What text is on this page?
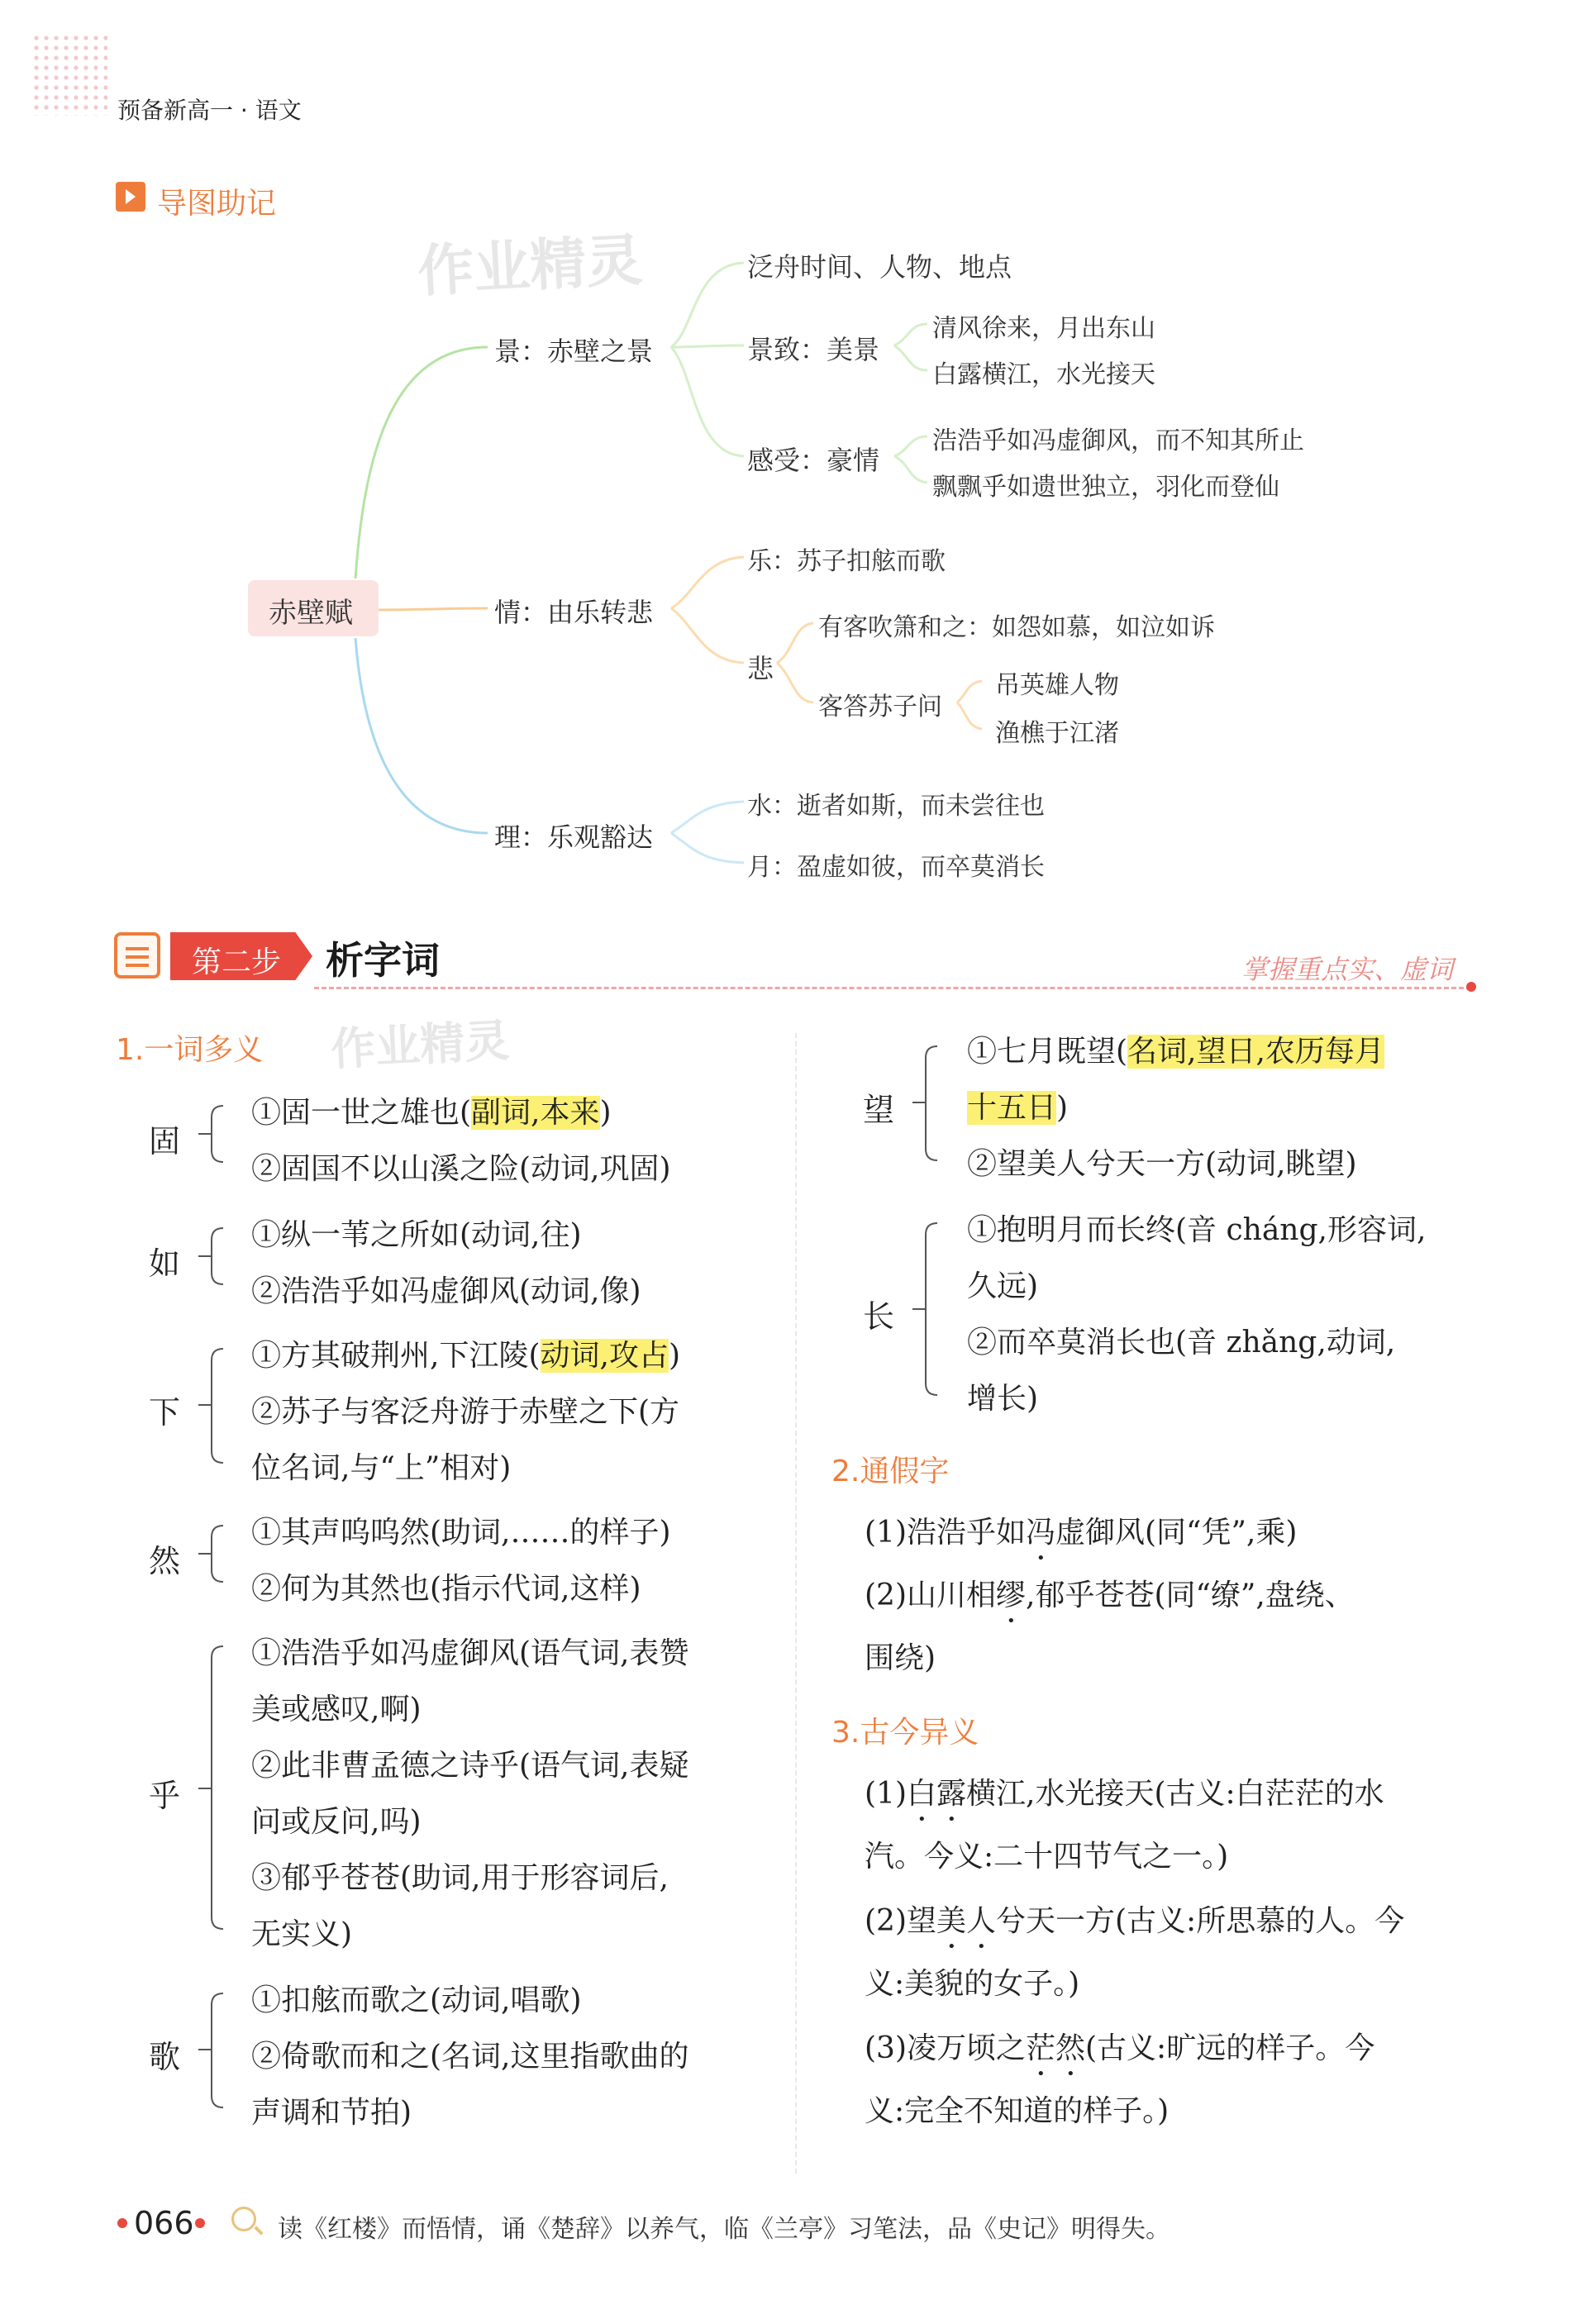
预备新高一 · 语文
导图助记
作业精灵
赤壁赋
景：赤壁之景
情：由乐转悲
理：乐观豁达
泛舟时间、人物、地点
景致：美景
清风徐来，月出东山
白露横江，水光接天
感受：豪情
浩浩乎如冯虚御风，而不知其所止
飘飘乎如遗世独立，羽化而登仙
乐：苏子扣舷而歌
悲
有客吹箫和之：如怨如慕，如泣如诉
客答苏子问
吊英雄人物
渔樵于江渚
水：逝者如斯，而未尝往也
月：盈虚如彼，而卒莫消长
第二步 析字词	掌握重点实、虚词
作业精灵
1.一词多义
固
①固一世之雄也(副词,本来)
②固国不以山溪之险(动词,巩固)
如
①纵一苇之所如(动词,往)
②浩浩乎如冯虚御风(动词,像)
下
①方其破荆州,下江陵(动词,攻占)
②苏子与客泛舟游于赤壁之下(方
位名词,与“上”相对)
然
①其声呜呜然(助词,……的样子)
②何为其然也(指示代词,这样)
乎
①浩浩乎如冯虚御风(语气词,表赞
美或感叹,啊)
②此非曹孟德之诗乎(语气词,表疑
问或反问,吗)
③郁乎苍苍(助词,用于形容词后,
无实义)
歌
①扣舷而歌之(动词,唱歌)
②倚歌而和之(名词,这里指歌曲的
声调和节拍)
望
①七月既望(名词,望日,农历每月
十五日)
②望美人兮天一方(动词,眺望)
长
①抱明月而长终(音 cháng,形容词,
久远)
②而卒莫消长也(音 zhǎng,动词,
增长)
2.通假字
(1)浩浩乎如冯虚御风(同“凭”,乘)
(2)山川相缪,郁乎苍苍(同“缭”,盘绕、
围绕)
3.古今异义
(1)白露横江,水光接天(古义:白茫茫的水
汽。今义:二十四节气之一。)
(2)望美人兮天一方(古义:所思慕的人。今
义:美貌的女子。)
(3)凌万顷之茫然(古义:旷远的样子。今
义:完全不知道的样子。)
066	读《红楼》而悟情，诵《楚辞》以养气，临《兰亭》习笔法，品《史记》明得失。
